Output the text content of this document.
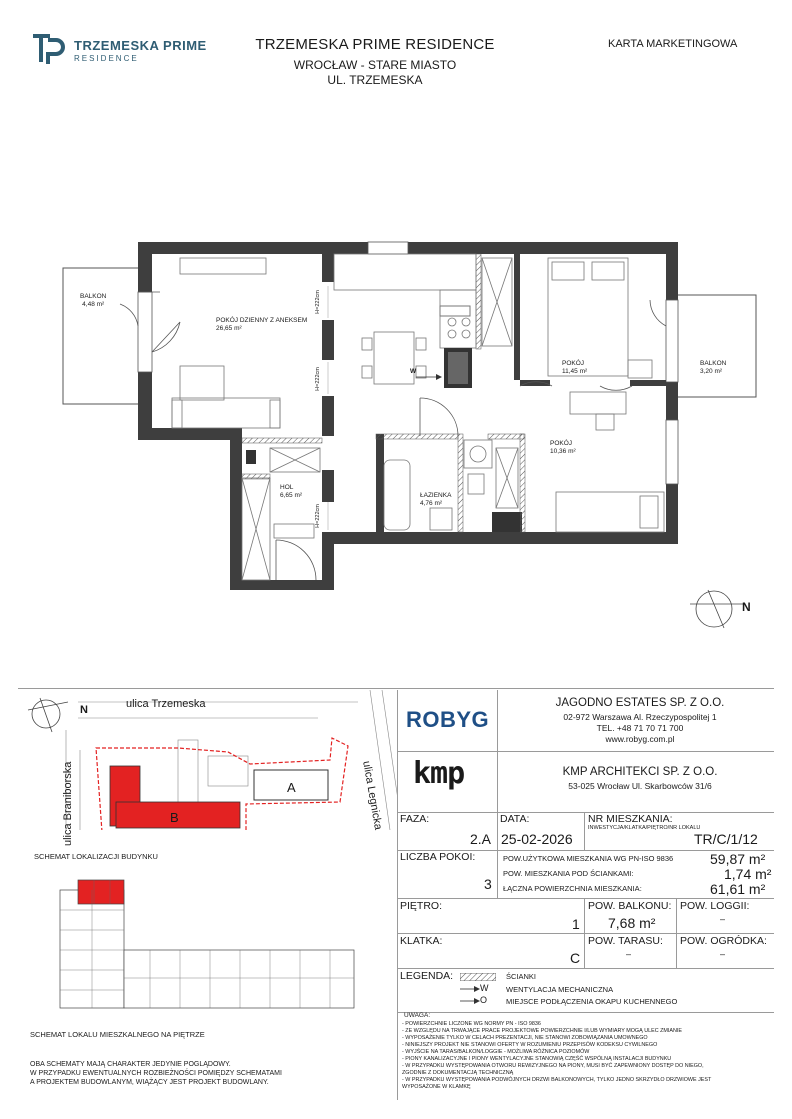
TRZEMESKA PRIME
RESIDENCE
TRZEMESKA PRIME RESIDENCE
WROCŁAW - STARE MIASTO
UL. TRZEMESKA
KARTA MARKETINGOWA
BALKON
4,48 m²
POKÓJ DZIENNY Z ANEKSEM
26,65 m²
POKÓJ
11,45 m²
POKÓJ
10,36 m²
BALKON
3,20 m²
HOL
6,65 m²	ŁAZIENKA
4,76 m²
H=222cm
H=222cm
H=222cm
W
N
ulica Trzemeska
ulica Braniborska	ulica Legnicka
N
A
B
SCHEMAT LOKALIZACJI BUDYNKU
SCHEMAT LOKALU MIESZKALNEGO NA PIĘTRZE
OBA SCHEMATY MAJĄ CHARAKTER JEDYNIE POGLĄDOWY.
W PRZYPADKU EWENTUALNYCH ROZBIEŻNOŚCI POMIĘDZY SCHEMATAMI
A PROJEKTEM BUDOWLANYM, WIĄŻĄCY JEST PROJEKT BUDOWLANY.
ROBYG
JAGODNO ESTATES SP. Z O.O.
02-972 Warszawa Al. Rzeczypospolitej 1
TEL. +48 71 70 71 700
www.robyg.com.pl
kmp	KMP ARCHITEKCI SP. Z O.O.
53-025 Wrocław Ul. Skarbowców 31/6
FAZA:
2.A
DATA:
25-02-2026
NR MIESZKANIA:
INWESTYCJA/KLATKA/PIĘTRO/NR LOKALU
TR/C/1/12
LICZBA POKOI:
3
POW.UŻYTKOWA MIESZKANIA WG PN-ISO 9836	59,87 m²
POW. MIESZKANIA POD ŚCIANKAMI:	1,74 m²
ŁĄCZNA POWIERZCHNIA MIESZKANIA:	61,61 m²
PIĘTRO:
1
POW. BALKONU:
7,68 m²
POW. LOGGII:
–
KLATKA:
C
POW. TARASU:
–
POW. OGRÓDKA:
–
LEGENDA:	ŚCIANKI
W WENTYLACJA MECHANICZNA
O	MIEJSCE PODŁĄCZENIA OKAPU KUCHENNEGO
UWAGA:
- POWIERZCHNIE LICZONE WG NORMY PN - ISO 9836
- ZE WZGLĘDU NA TRWAJĄCE PRACE PROJEKTOWE POWIERZCHNIE I/LUB WYMIARY MOGĄ ULEC ZMIANIE
- WYPOSAŻENIE TYLKO W CELACH PREZENTACJI, NIE STANOWI ZOBOWIĄZANIA UMOWNEGO
- NINIEJSZY PROJEKT NIE STANOWI OFERTY W ROZUMIENIU PRZEPISÓW KODEKSU CYWILNEGO
- WYJŚCIE NA TARAS/BALKON/LOGGIE - MOŻLIWA RÓŻNICA POZIOMÓW
- PIONY KANALIZACYJNE I PIONY WENTYLACYJNE STANOWIĄ CZĘŚĆ WSPÓLNĄ INSTALACJI BUDYNKU
- W PRZYPADKU WYSTĘPOWANIA OTWORU REWIZYJNEGO NA PIONY, MUSI BYĆ ZAPEWNIONY DOSTĘP DO NIEGO,
ZGODNIE Z DOKUMENTACJĄ TECHNICZNĄ
- W PRZYPADKU WYSTĘPOWANIA PODWÓJNYCH DRZWI BALKONOWYCH, TYLKO JEDNO SKRZYDŁO DRZWIOWE JEST
WYPOSAŻONE W KLAMKĘ
